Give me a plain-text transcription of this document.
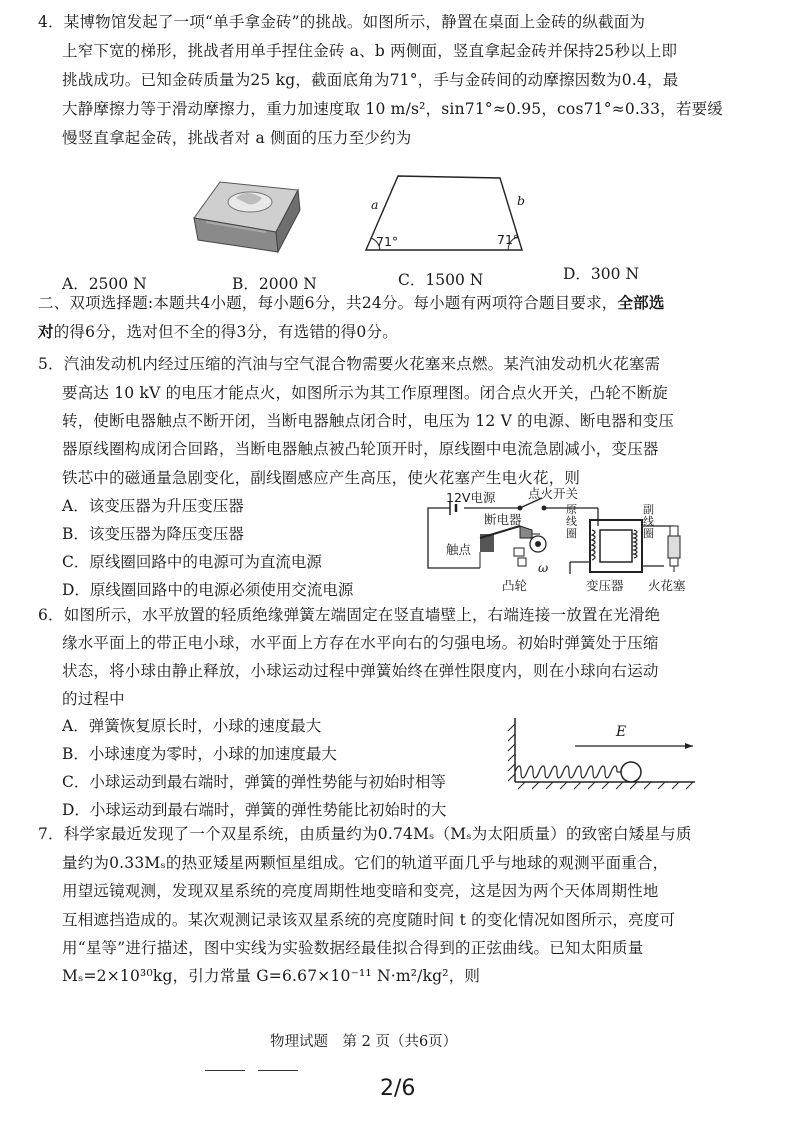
4．某博物馆发起了一项“单手拿金砖”的挑战。如图所示，静置在桌面上金砖的纵截面为
上窄下宽的梯形，挑战者用单手捏住金砖 a、b 两侧面，竖直拿起金砖并保持25秒以上即
挑战成功。已知金砖质量为25 kg，截面底角为71°，手与金砖间的动摩擦因数为0.4，最
大静摩擦力等于滑动摩擦力，重力加速度取 10 m/s²，sin71°≈0.95，cos71°≈0.33，若要缓
慢竖直拿起金砖，挑战者对 a 侧面的压力至少约为
a	b
71°	71°
A．2500 N	B．2000 N	C．1500 N	D．300 N
二、双项选择题:本题共4小题，每小题6分，共24分。每小题有两项符合题目要求，全部选
对的得6分，选对但不全的得3分，有选错的得0分。
5．汽油发动机内经过压缩的汽油与空气混合物需要火花塞来点燃。某汽油发动机火花塞需
要高达 10 kV 的电压才能点火，如图所示为其工作原理图。闭合点火开关，凸轮不断旋
转，使断电器触点不断开闭，当断电器触点闭合时，电压为 12 V 的电源、断电器和变压
器原线圈构成闭合回路，当断电器触点被凸轮顶开时，原线圈中电流急剧减小，变压器
铁芯中的磁通量急剧变化，副线圈感应产生高压，使火花塞产生电火花，则
A．该变压器为升压变压器
B．该变压器为降压变压器
C．原线圈回路中的电源可为直流电源
D．原线圈回路中的电源必须使用交流电源
12V电源	点火开关
断电器
触点
原线圈
副线圈
凸轮
ω
变压器 火花塞
6．如图所示，水平放置的轻质绝缘弹簧左端固定在竖直墙壁上，右端连接一放置在光滑绝
缘水平面上的带正电小球，水平面上方存在水平向右的匀强电场。初始时弹簧处于压缩
状态，将小球由静止释放，小球运动过程中弹簧始终在弹性限度内，则在小球向右运动
的过程中
A．弹簧恢复原长时，小球的速度最大
B．小球速度为零时，小球的加速度最大
C．小球运动到最右端时，弹簧的弹性势能与初始时相等
D．小球运动到最右端时，弹簧的弹性势能比初始时的大
E
7．科学家最近发现了一个双星系统，由质量约为0.74Mₛ（Mₛ为太阳质量）的致密白矮星与质
量约为0.33Mₛ的热亚矮星两颗恒星组成。它们的轨道平面几乎与地球的观测平面重合，
用望远镜观测，发现双星系统的亮度周期性地变暗和变亮，这是因为两个天体周期性地
互相遮挡造成的。某次观测记录该双星系统的亮度随时间 t 的变化情况如图所示，亮度可
用“星等”进行描述，图中实线为实验数据经最佳拟合得到的正弦曲线。已知太阳质量
Mₛ=2×10³⁰kg，引力常量 G=6.67×10⁻¹¹ N·m²/kg²，则
物理试题　第 2 页（共6页）
2/6
